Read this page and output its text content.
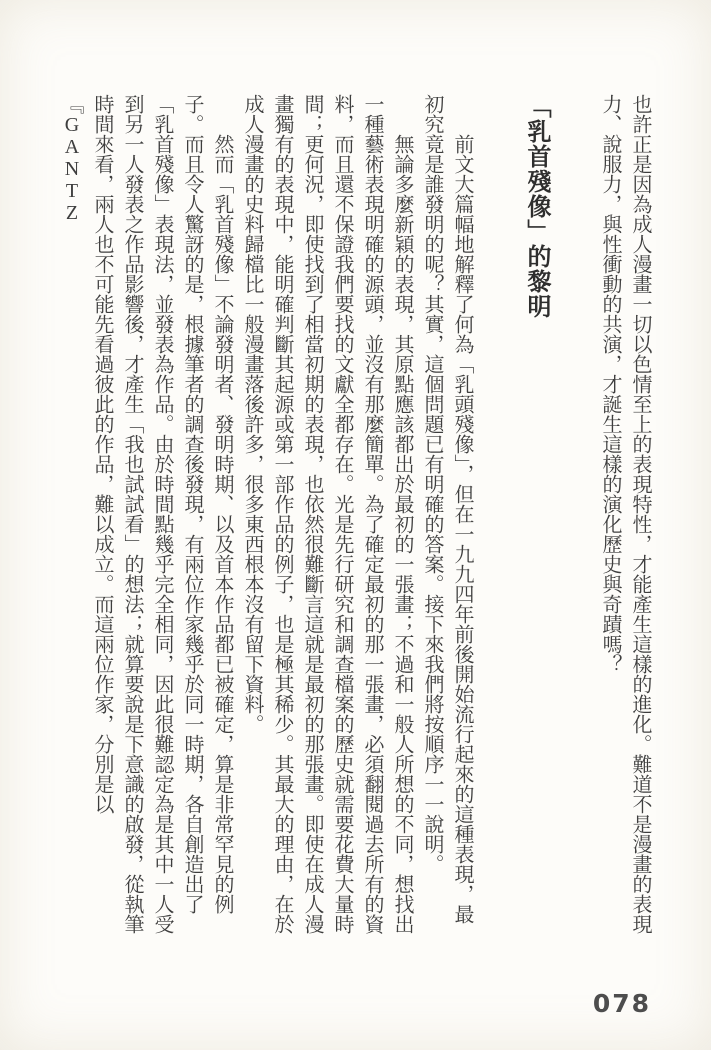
也許正是因為成人漫畫一切以色情至上的表現特性，才能產生這樣的進化。難道不是漫畫的表現力、說服力，與性衝動的共演，才誕生這樣的演化歷史與奇蹟嗎？

「乳首殘像」的黎明

前文大篇幅地解釋了何為「乳頭殘像」，但在一九九四年前後開始流行起來的這種表現，最初究竟是誰發明的呢？其實，這個問題已有明確的答案。接下來我們將按順序一一說明。

無論多麼新穎的表現，其原點應該都出於最初的一張畫；不過和一般人所想的不同，想找出一種藝術表現明確的源頭，並沒有那麼簡單。為了確定最初的那一張畫，必須翻閱過去所有的資料，而且還不保證我們要找的文獻全都存在。光是先行研究和調查檔案的歷史就需要花費大量時間；更何況，即使找到了相當初期的表現，也依然很難斷言這就是最初的那張畫。即使在成人漫畫獨有的表現中，能明確判斷其起源或第一部作品的例子，也是極其稀少。其最大的理由，在於成人漫畫的史料歸檔比一般漫畫落後許多，很多東西根本沒有留下資料。

然而「乳首殘像」不論發明者、發明時期、以及首本作品都已被確定，算是非常罕見的例子。而且令人驚訝的是，根據筆者的調查後發現，有兩位作家幾乎於同一時期，各自創造出了「乳首殘像」表現法，並發表為作品。由於時間點幾乎完全相同，因此很難認定為是其中一人受到另一人發表之作品影響後，才產生「我也試試看」的想法；就算要說是下意識的啟發，從執筆時間來看，兩人也不可能先看過彼此的作品，難以成立。而這兩位作家，分別是以『GANTZ

078
